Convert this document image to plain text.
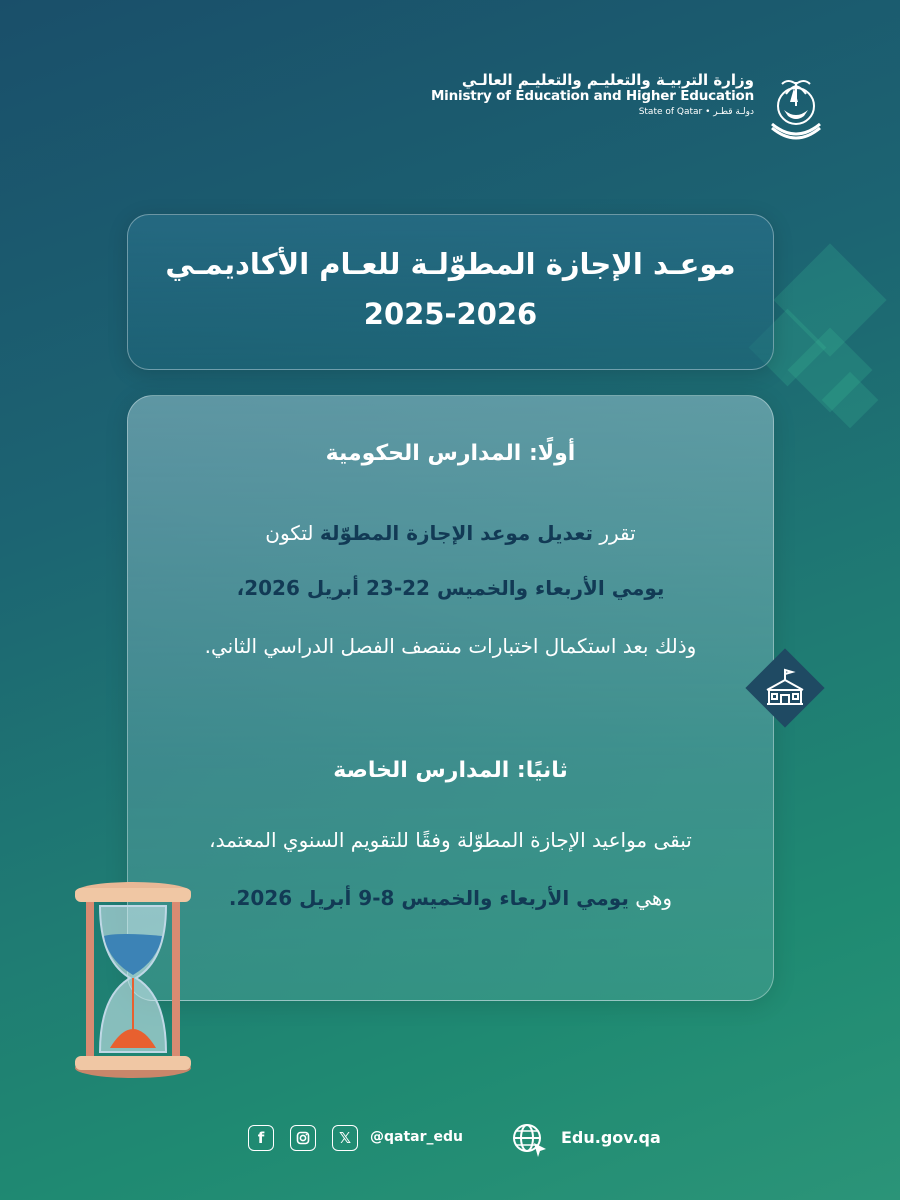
وزارة التربيـة والتعليـم والتعليـم العالـي
Ministry of Education and Higher Education
State of Qatar • دولـة قطـر
موعـد الإجازة المطوّلـة للعـام الأكاديمـي
2025-2026
أولًا: المدارس الحكومية
تقرر تعديل موعد الإجازة المطوّلة لتكون
يومي الأربعاء والخميس 22-23 أبريل 2026،
وذلك بعد استكمال اختبارات منتصف الفصل الدراسي الثاني.
ثانيًا: المدارس الخاصة
تبقى مواعيد الإجازة المطوّلة وفقًا للتقويم السنوي المعتمد،
وهي يومي الأربعاء والخميس 8-9 أبريل 2026.
f	𝕏	@qatar_edu	Edu.gov.qa
